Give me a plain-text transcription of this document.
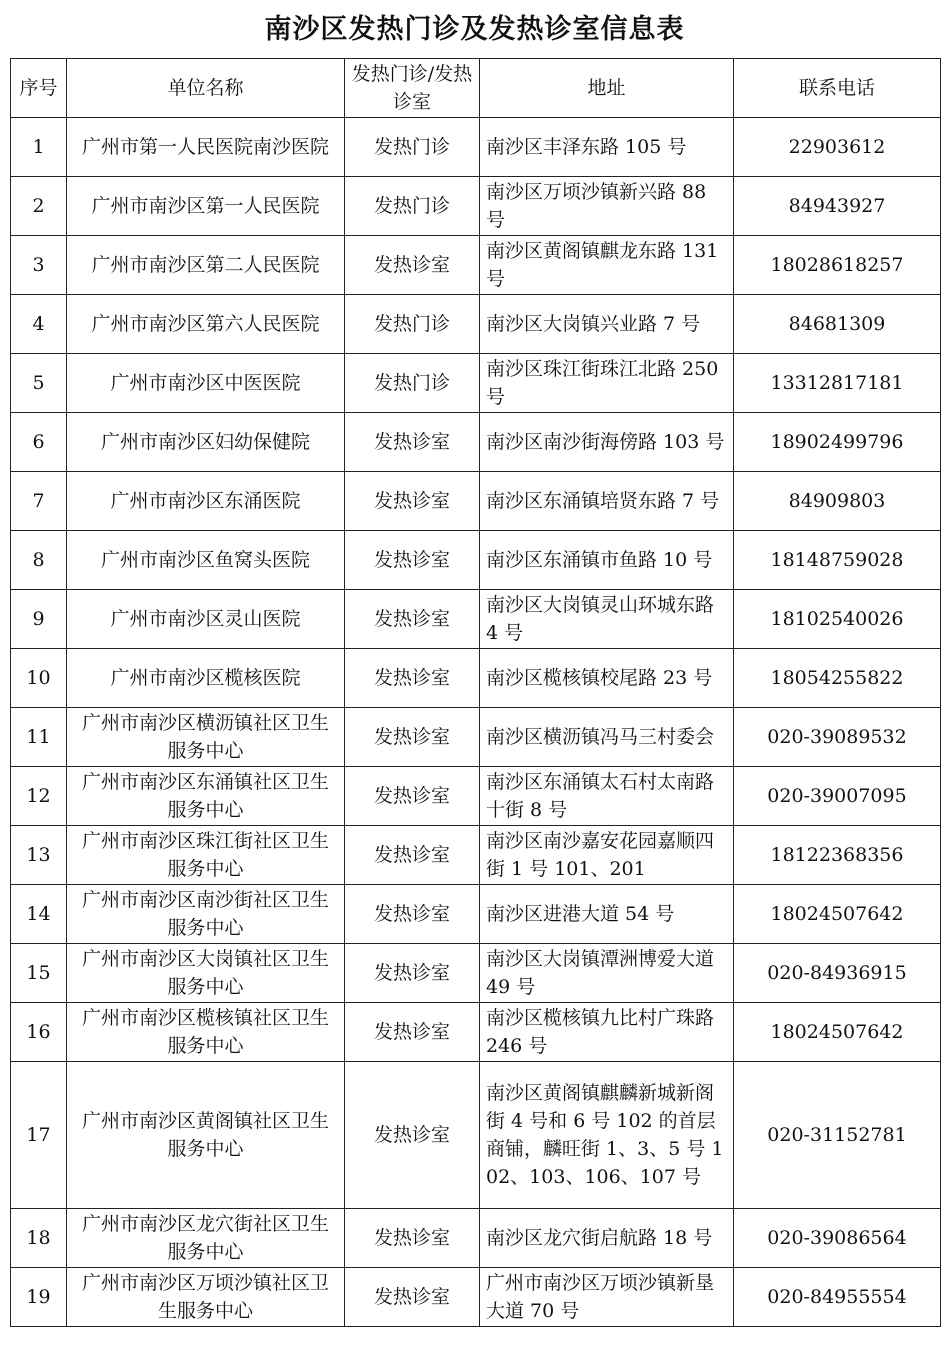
南沙区发热门诊及发热诊室信息表
序号	单位名称	发热门诊/发热诊室	地址	联系电话
1	广州市第一人民医院南沙医院	发热门诊	南沙区丰泽东路 105 号	22903612
2	广州市南沙区第一人民医院	发热门诊	南沙区万顷沙镇新兴路 88 号	84943927
3	广州市南沙区第二人民医院	发热诊室	南沙区黄阁镇麒龙东路 131 号	18028618257
4	广州市南沙区第六人民医院	发热门诊	南沙区大岗镇兴业路 7 号	84681309
5	广州市南沙区中医医院	发热门诊	南沙区珠江街珠江北路 250 号	13312817181
6	广州市南沙区妇幼保健院	发热诊室	南沙区南沙街海傍路 103 号	18902499796
7	广州市南沙区东涌医院	发热诊室	南沙区东涌镇培贤东路 7 号	84909803
8	广州市南沙区鱼窝头医院	发热诊室	南沙区东涌镇市鱼路 10 号	18148759028
9	广州市南沙区灵山医院	发热诊室	南沙区大岗镇灵山环城东路 4 号	18102540026
10	广州市南沙区榄核医院	发热诊室	南沙区榄核镇校尾路 23 号	18054255822
11	广州市南沙区横沥镇社区卫生服务中心	发热诊室	南沙区横沥镇冯马三村委会	020-39089532
12	广州市南沙区东涌镇社区卫生服务中心	发热诊室	南沙区东涌镇太石村太南路十街 8 号	020-39007095
13	广州市南沙区珠江街社区卫生服务中心	发热诊室	南沙区南沙嘉安花园嘉顺四街 1 号 101、201	18122368356
14	广州市南沙区南沙街社区卫生服务中心	发热诊室	南沙区进港大道 54 号	18024507642
15	广州市南沙区大岗镇社区卫生服务中心	发热诊室	南沙区大岗镇潭洲博爱大道 49 号	020-84936915
16	广州市南沙区榄核镇社区卫生服务中心	发热诊室	南沙区榄核镇九比村广珠路 246 号	18024507642
17	广州市南沙区黄阁镇社区卫生服务中心	发热诊室	南沙区黄阁镇麒麟新城新阁街 4 号和 6 号 102 的首层商铺，麟旺街 1、3、5 号 102、103、106、107 号	020-31152781
18	广州市南沙区龙穴街社区卫生服务中心	发热诊室	南沙区龙穴街启航路 18 号	020-39086564
19	广州市南沙区万顷沙镇社区卫生服务中心	发热诊室	广州市南沙区万顷沙镇新垦大道 70 号	020-84955554
